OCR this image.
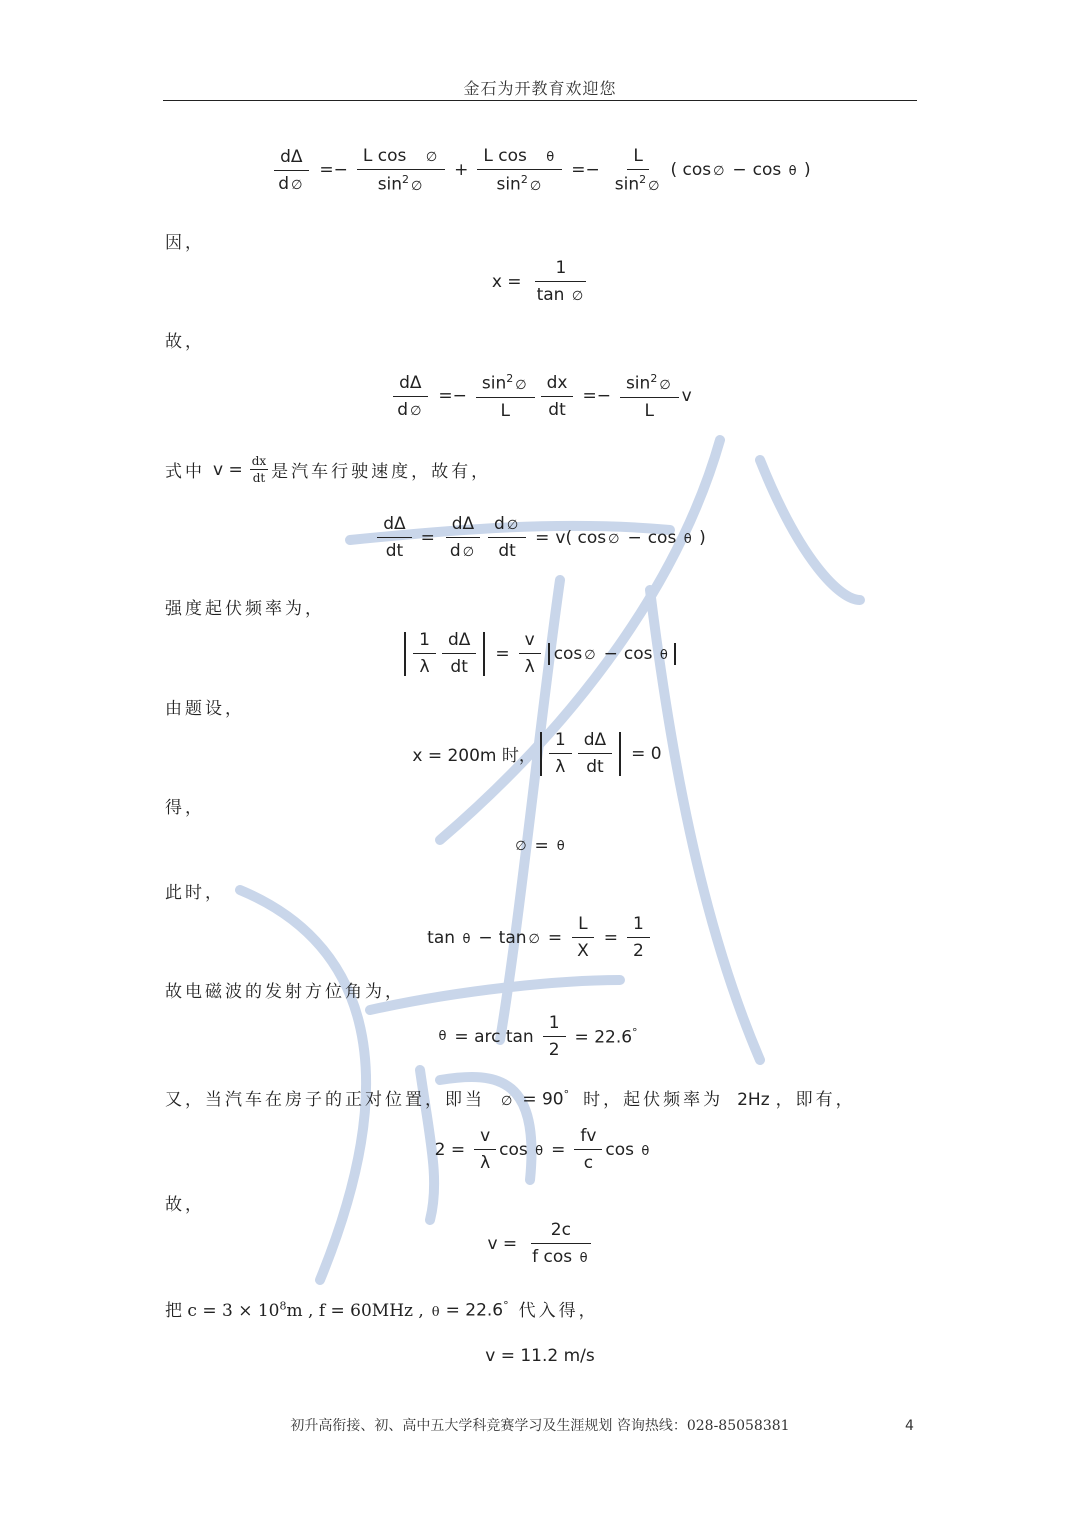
金石为开教育欢迎您
$\frac{d\Delta}{d \emptyset} =- \frac{\text{L cos ∅}}{\sin^2 \emptyset} + \frac{\text{L cos θ}}{\sin^2 \emptyset} =- \frac{L}{\sin^2 \emptyset}$ ( cos ∅ − cos θ )
因，
$x = \frac{1}{\tan \emptyset}$
故，
$\frac{d\Delta}{d \emptyset} =- \frac{\sin^2 \emptyset}{L} \frac{dx}{dt} =- \frac{\sin^2 \emptyset}{L}$ v
式中 $v = \frac{dx}{dt}$ 是汽车行驶速度，故有，
$\frac{d\Delta}{dt} = \frac{d\Delta}{d \emptyset} \frac{d \emptyset}{dt} = v$( cos ∅ − cos θ )
强度起伏频率为，
$\frac{1}{\lambda} \frac{d\Delta}{dt} = \frac{v}{\lambda}$ cos ∅ − cos θ
由题设，
x = 200m 时， $\frac{1}{\lambda} \frac{d\Delta}{dt} = 0$
得，
∅ = θ
此时，
tan θ − tan ∅ = $\frac{L}{X} = \frac{1}{2}$
故电磁波的发射方位角为，
θ = arc $\tan \frac{1}{2} = 22.6^\circ$
又，当汽车在房子的正对位置，即当 ∅ = 90° 时，起伏频率为 2Hz ，即有，
$2 = \frac{v}{\lambda}$ $\cos \theta = \frac{fv}{c}$ cos θ
故，
$v = \frac{2c}{\text{f cos θ}}$
把 $c = 3 \times 10^8m$ , f = 60MHz , θ = 22.6° 代入得，
v = 11.2 m∕s
初升高衔接、初、高中五大学科竞赛学习及生涯规划 咨询热线：028-85058381	4
